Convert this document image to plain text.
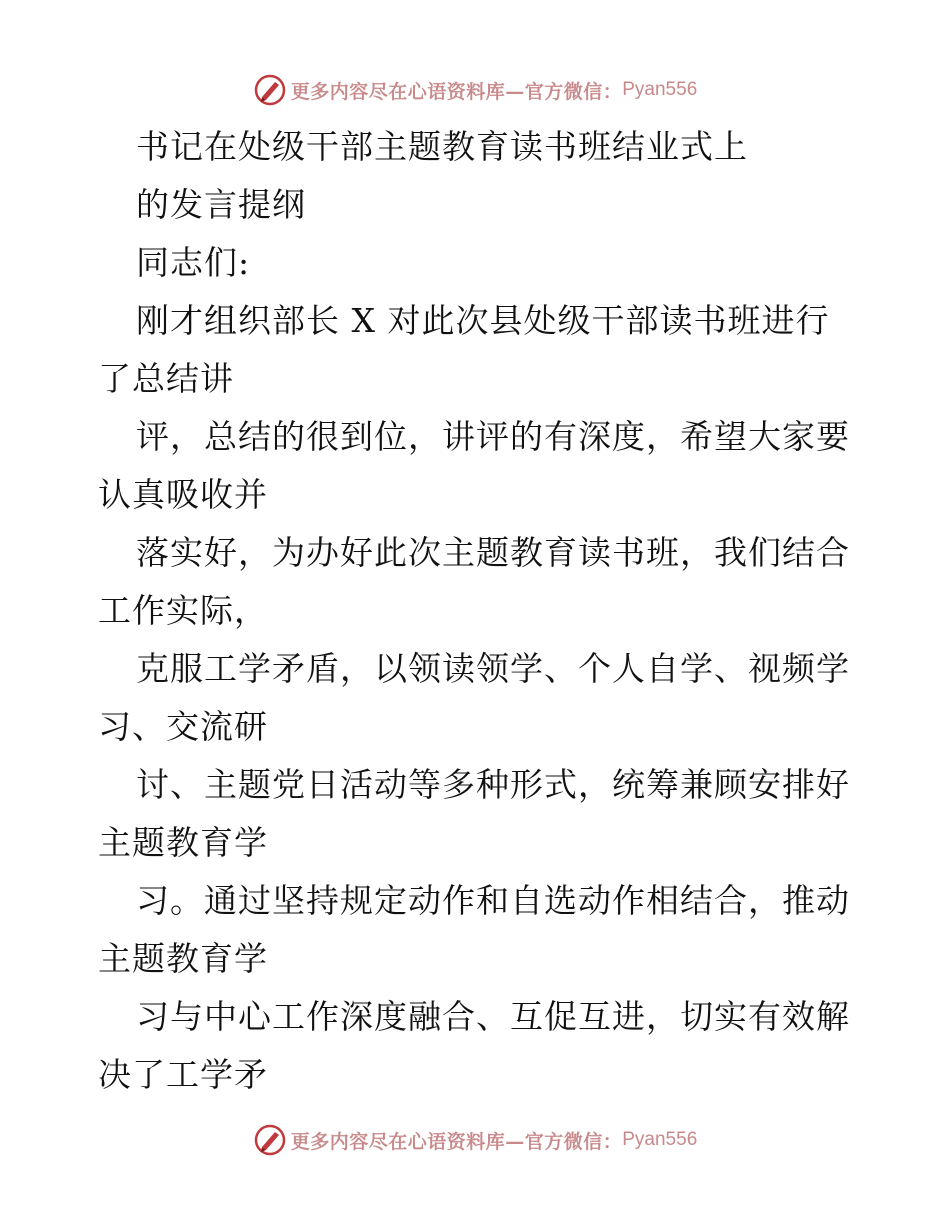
更多内容尽在心语资料库—官方微信： Pyan556
书记在处级干部主题教育读书班结业式上
的发言提纲
同志们:
刚才组织部长 X 对此次县处级干部读书班进行
了总结讲
评，总结的很到位，讲评的有深度，希望大家要
认真吸收并
落实好，为办好此次主题教育读书班，我们结合
工作实际，
克服工学矛盾，以领读领学、个人自学、视频学
习、交流研
讨、主题党日活动等多种形式，统筹兼顾安排好
主题教育学
习。通过坚持规定动作和自选动作相结合，推动
主题教育学
习与中心工作深度融合、互促互进，切实有效解
决了工学矛
更多内容尽在心语资料库—官方微信： Pyan556
